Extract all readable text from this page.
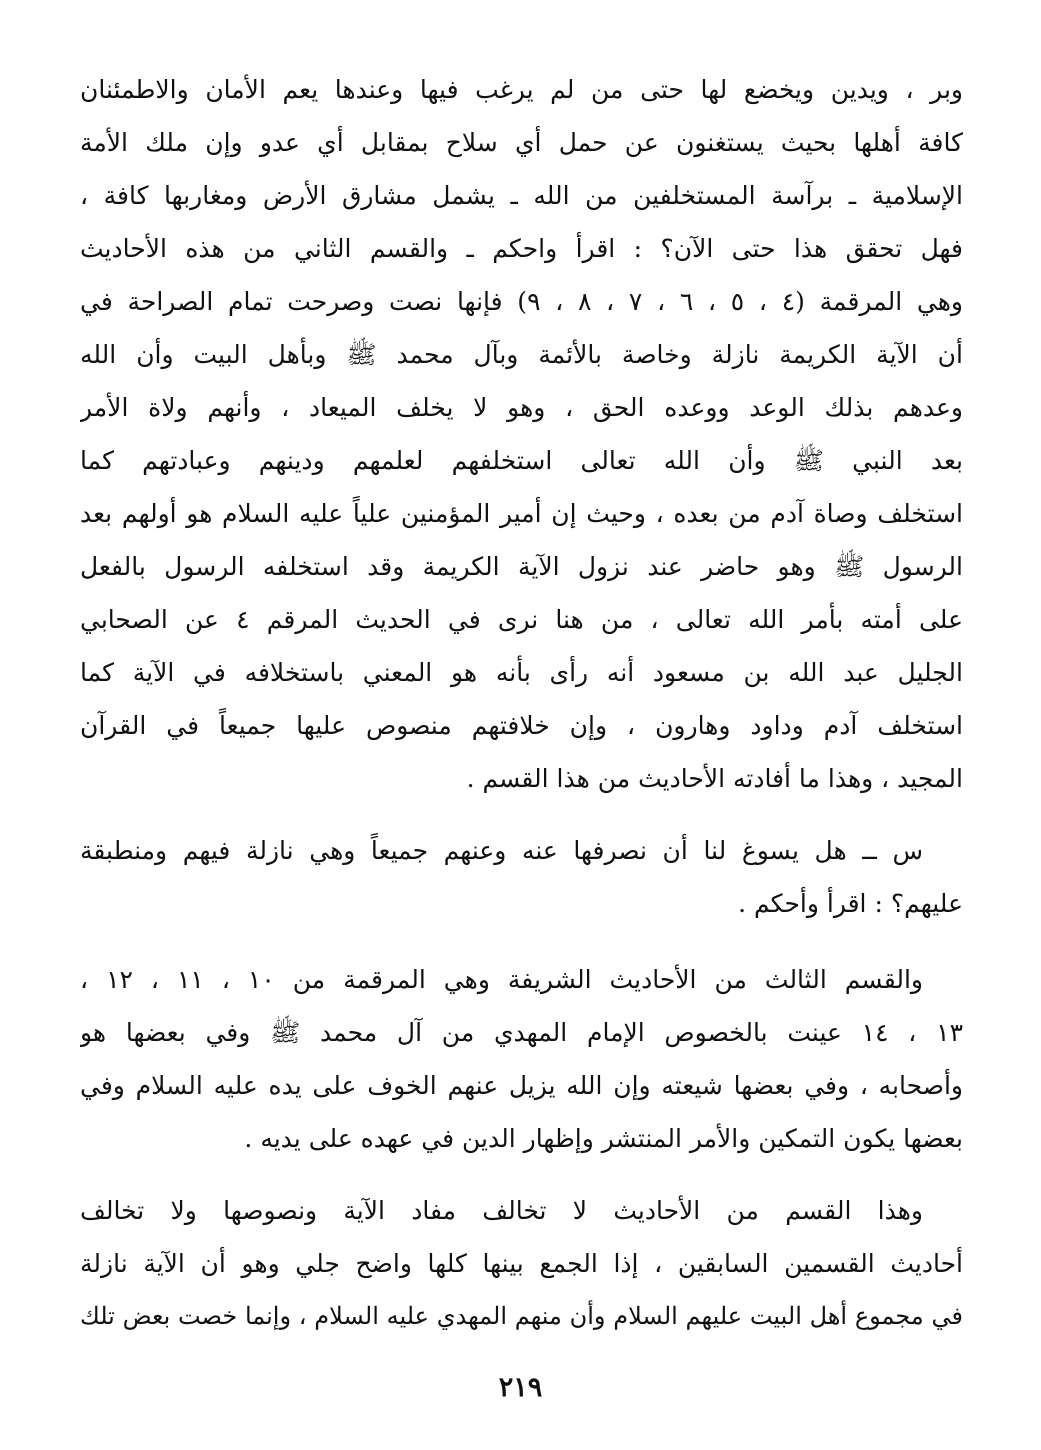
وبر ، ويدين ويخضع لها حتى من لم يرغب فيها وعندها يعم الأمان والاطمئنان
كافة أهلها بحيث يستغنون عن حمل أي سلاح بمقابل أي عدو وإن ملك الأمة
الإسلامية ـ برآسة المستخلفين من الله ـ يشمل مشارق الأرض ومغاربها كافة ،
فهل تحقق هذا حتى الآن؟ : اقرأ واحكم ـ والقسم الثاني من هذه الأحاديث
وهي المرقمة (٤ ، ٥ ، ٦ ، ٧ ، ٨ ، ٩) فإنها نصت وصرحت تمام الصراحة في
أن الآية الكريمة نازلة وخاصة بالأئمة وبآل محمد ﷺ وبأهل البيت وأن الله
وعدهم بذلك الوعد ووعده الحق ، وهو لا يخلف الميعاد ، وأنهم ولاة الأمر
بعد النبي ﷺ وأن الله تعالى استخلفهم لعلمهم ودينهم وعبادتهم كما
استخلف وصاة آدم من بعده ، وحيث إن أمير المؤمنين علياً عليه السلام هو أولهم بعد
الرسول ﷺ وهو حاضر عند نزول الآية الكريمة وقد استخلفه الرسول بالفعل
على أمته بأمر الله تعالى ، من هنا نرى في الحديث المرقم ٤ عن الصحابي
الجليل عبد الله بن مسعود أنه رأى بأنه هو المعني باستخلافه في الآية كما
استخلف آدم وداود وهارون ، وإن خلافتهم منصوص عليها جميعاً في القرآن
المجيد ، وهذا ما أفادته الأحاديث من هذا القسم .
س ــ هل يسوغ لنا أن نصرفها عنه وعنهم جميعاً وهي نازلة فيهم ومنطبقة
عليهم؟ : اقرأ وأحكم .
والقسم الثالث من الأحاديث الشريفة وهي المرقمة من ١٠ ، ١١ ، ١٢ ،
١٣ ، ١٤ عينت بالخصوص الإمام المهدي من آل محمد ﷺ وفي بعضها هو
وأصحابه ، وفي بعضها شيعته وإن الله يزيل عنهم الخوف على يده عليه السلام وفي
بعضها يكون التمكين والأمر المنتشر وإظهار الدين في عهده على يديه .
وهذا القسم من الأحاديث لا تخالف مفاد الآية ونصوصها ولا تخالف
أحاديث القسمين السابقين ، إذا الجمع بينها كلها واضح جلي وهو أن الآية نازلة
في مجموع أهل البيت عليهم السلام وأن منهم المهدي عليه السلام ، وإنما خصت بعض تلك
٢١٩
